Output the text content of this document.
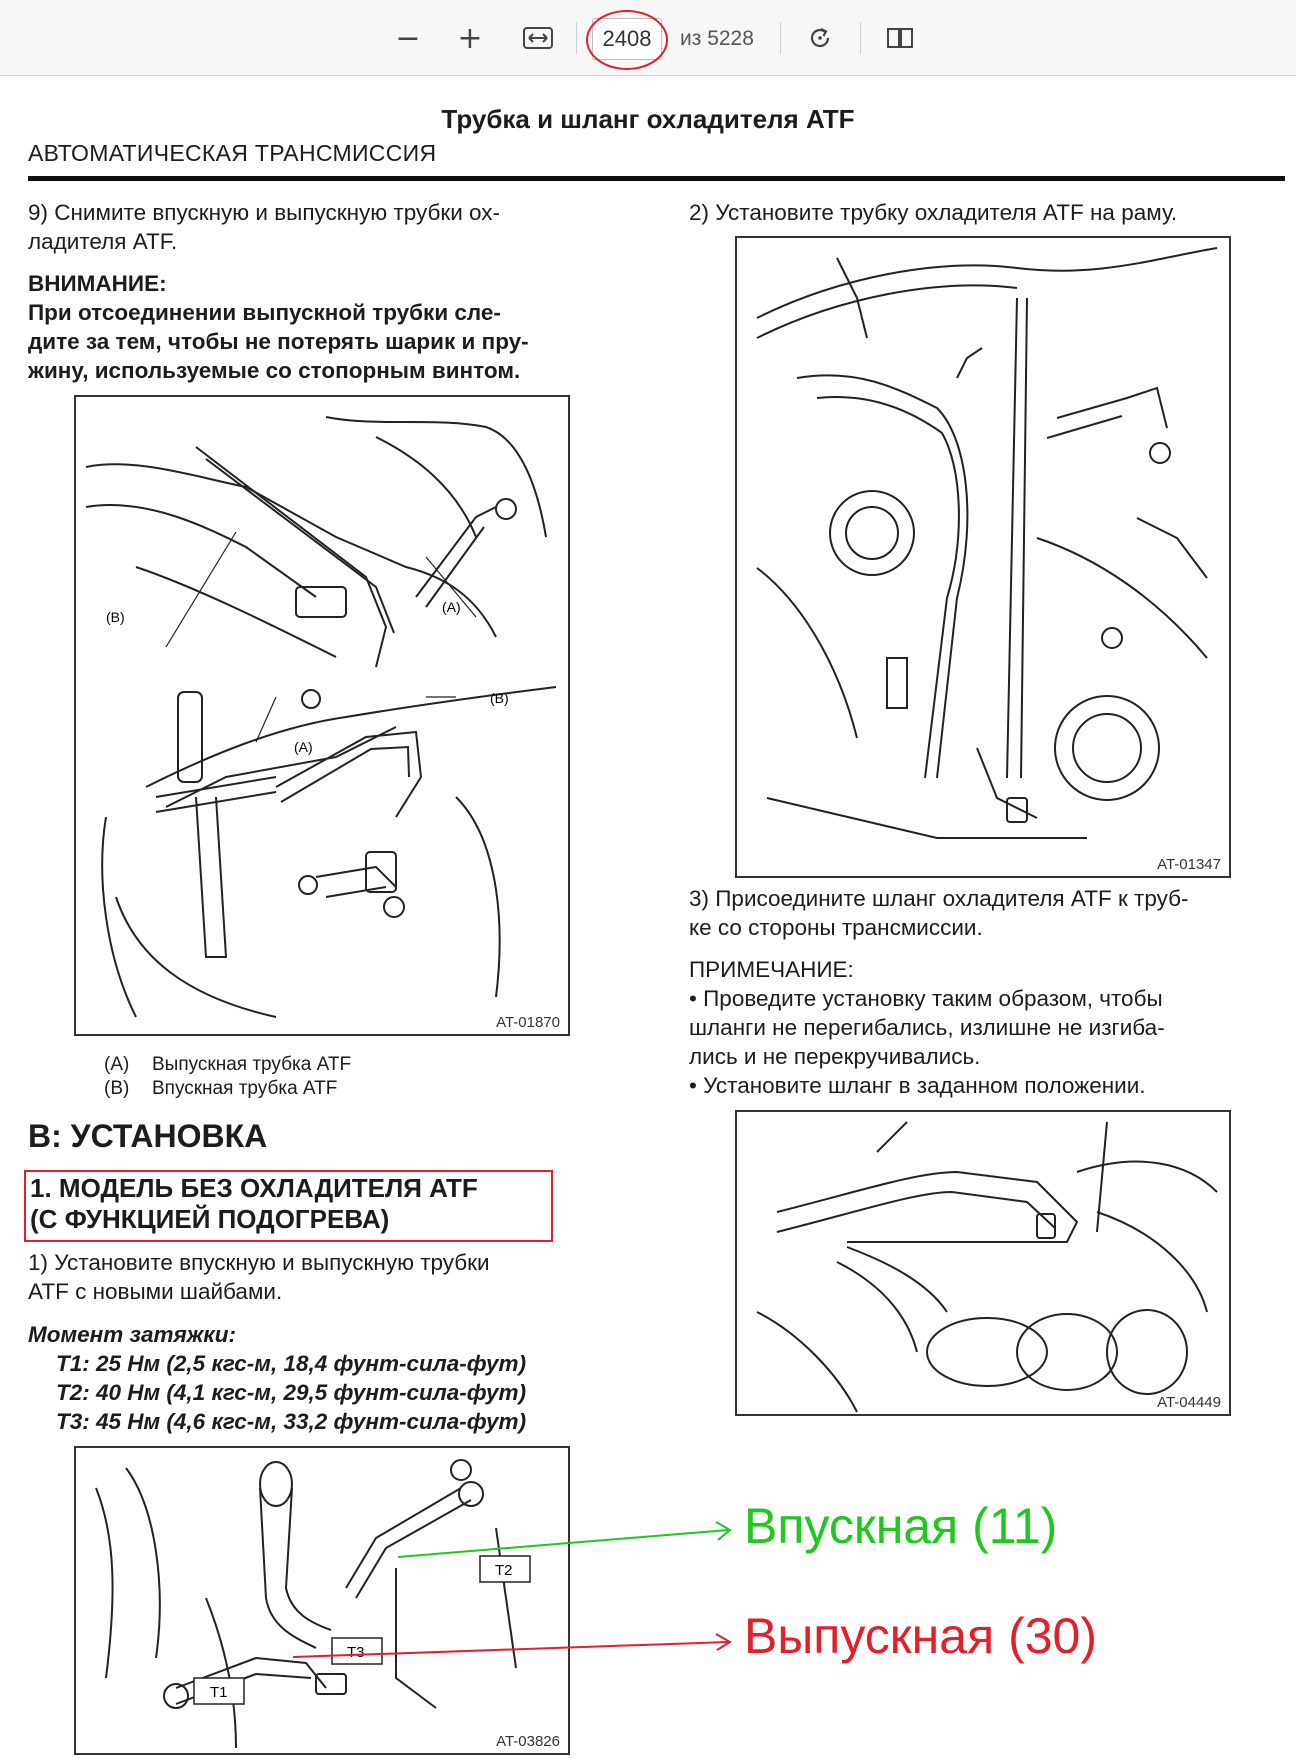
− +	2408	из 5228
Трубка и шланг охладителя ATF
АВТОМАТИЧЕСКАЯ ТРАНСМИССИЯ

9) Снимите впускную и выпускную трубки ох-

ладителя ATF.

ВНИМАНИЕ:

При отсоединении выпускной трубки сле-

дите за тем, чтобы не потерять шарик и пру-

жину, используемые со стопорным винтом.

(B)
(A)
(A)
(B)
AT-01870
(A) Выпускная трубка ATF
(B) Впускная трубка ATF
B: УСТАНОВКА
1. МОДЕЛЬ БЕЗ ОХЛАДИТЕЛЯ ATF
(С ФУНКЦИЕЙ ПОДОГРЕВА)

1) Установите впускную и выпускную трубки

ATF с новыми шайбами.

Момент затяжки:

T1: 25 Нм (2,5 кгс-м, 18,4 фунт-сила-фут)

T2: 40 Нм (4,1 кгс-м, 29,5 фунт-сила-фут)

T3: 45 Нм (4,6 кгс-м, 33,2 фунт-сила-фут)

T2
T3
T1
AT-03826
2) Установите трубку охладителя ATF на раму.
AT-01347

3) Присоедините шланг охладителя ATF к труб-

ке со стороны трансмиссии.

ПРИМЕЧАНИЕ:

• Проведите установку таким образом, чтобы

шланги не перегибались, излишне не изгиба-

лись и не перекручивались.

• Установите шланг в заданном положении.

AT-04449
Впускная (11)
Выпускная (30)
